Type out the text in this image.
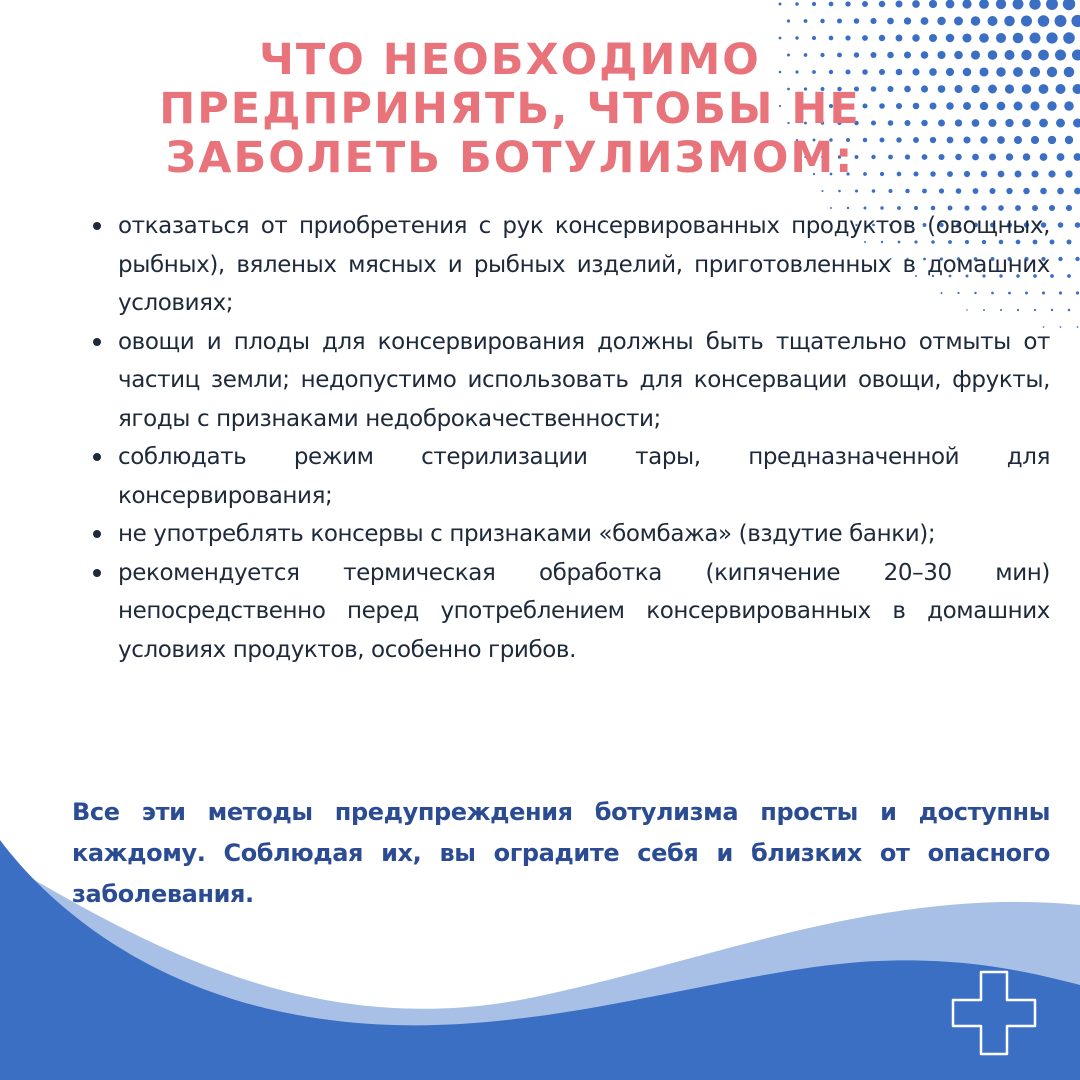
ЧТО НЕОБХОДИМО
ПРЕДПРИНЯТЬ, ЧТОБЫ НЕ
ЗАБОЛЕТЬ БОТУЛИЗМОМ:
отказаться от приобретения с рук консервированных продуктов (овощных, рыбных), вяленых мясных и рыбных изделий, приготовленных в домашних условиях;
овощи и плоды для консервирования должны быть тщательно отмыты от частиц земли; недопустимо использовать для консервации овощи, фрукты, ягоды с признаками недоброкачественности;
соблюдать режим стерилизации тары, предназначенной для консервирования;
не употреблять консервы с признаками «бомбажа» (вздутие банки);
рекомендуется термическая обработка (кипячение 20–30 мин) непосредственно перед употреблением консервированных в домашних условиях продуктов, особенно грибов.

Все эти методы предупреждения ботулизма просты и доступны каждому. Соблюдая их, вы оградите себя и близких от опасного заболевания.
